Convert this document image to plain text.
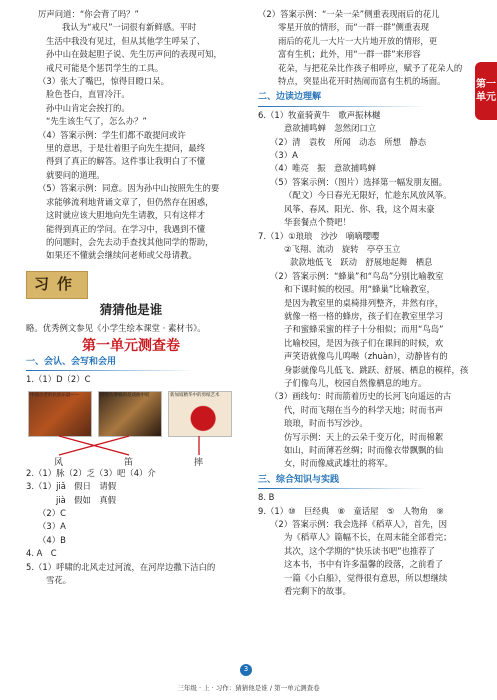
第一
单元

厉声问道：“你会背了吗？”

我认为“戒尺”一词很有新鲜感。平时

生活中我没有见过，但从其他学生呼呆了、

孙中山在鼓起胆子说、先生厉声问的表现可知，

戒尺可能是个惩罚学生的工具。

（3）张大了嘴巴，惊得目瞪口呆。

脸色苍白，直冒冷汗。

孙中山肯定会挨打的。

“先生该生气了，怎么办？”

（4）答案示例：学生们都不敢提问或许

里的意思，于是壮着胆子向先生提问，最终

得到了真正的解答。这件事让我明白了不懂

就要问的道理。

（5）答案示例：同意。因为孙中山按照先生的要

求能够流利地背诵文章了，但仍然存在困惑，

这时就应该大胆地向先生请教，只有这样才

能得到真正的学问。在学习中，我遇到不懂

的问题时，会先去动手查找其他同学的帮助，

如果还不懂就会继续问老师或父母请教。

习作
猜猜他是谁

略。优秀例文参见《小学生绘本课堂 · 素材书》。

第一单元测查卷
一、会认、会写和会用

1.（1）D（2）C

中国古老的民族乐器——	唐朝人傅毅的是戏曲中较	新加坡精华中的剪纸艺术
风	笛	摔

2.（1）脉（2）乏（3）吧（4）介

3.（1）jiǎ　假日　请假

jià　假如　真假

（2）C

（3）A

（4）B

4. A　C

5.（1）呼啸的北风走过河流，在河岸边撒下洁白的

雪花。

（2）答案示例：“一朵一朵”侧重表现雨后的花儿

零星开放的情形，而“一群一群”侧重表现

雨后的花儿一大片一大片地开放的情形，更

富有生机；此外，用“一群一群”来形容

花朵，与把花朵比作孩子相呼应，赋予了花朵人的

特点，突显出花开时热闹而富有生机的场面。

二、边读边理解

6.（1）牧童骑黄牛　歌声振林樾

意欲捕鸣蝉　忽然闭口立

（2）清　袁枚　所闻　动态　所想　静态

（3）A

（4）唯亮　振　意欲捕鸣蝉

（5）答案示例：（图片）选择第一幅发朋友圈。

（配文）今日春光无限好，忙趁东风放风筝。

风筝、春风、阳光、你、我，这个周末豪

华套餐点个赞吧！

7.（1）①琅琅　沙沙　嘀嘀嘤嘤

②飞翔、流动　旋转　亭亭玉立

款款地低飞　跃动　舒展地起舞　栖息

（2）答案示例：“蜂巢”和“鸟岛”分别比喻教室

和下课时候的校园。用“蜂巢”比喻教室，

是因为教室里的桌椅排列整齐，井然有序，

就像一格一格的蜂房，孩子们在教室里学习

子和蜜蜂采蜜的样子十分相似；而用“鸟岛”

比喻校园，是因为孩子们在课间的时候，欢

声笑语就像鸟儿鸣啭（zhuàn），动静皆有的

身影就像鸟儿低飞、跳跃、舒展、栖息的模样，孩

子们像鸟儿，校园自然像栖息的地方。

（3）画线句：时而箭着历史的长河飞向遥远的古

代，时而飞翔在当今的科学天地；时而书声

琅琅，时而书写沙沙。

仿写示例：天上的云朵千变万化，时而棉絮

如山，时而薄若丝绸；时而像衣带飘飘的仙

女，时而像威武雄壮的将军。

三、综合知识与实践

8. B

9.（1）⑩　巨经典　⑧　童话屋　⑤　人物角　⑨

（2）答案示例：我会选择《稻草人》，首先，因

为《稻草人》篇幅不长，在周末能全部看完；

其次，这个学期的“快乐读书吧”也推荐了

这本书，书中有许多温馨的段落，之前看了

一篇《小白船》，觉得很有意思，所以想继续

看完剩下的故事。

3
三年级 · 上 · 习作：猜猜他是谁 / 第一单元测查卷
